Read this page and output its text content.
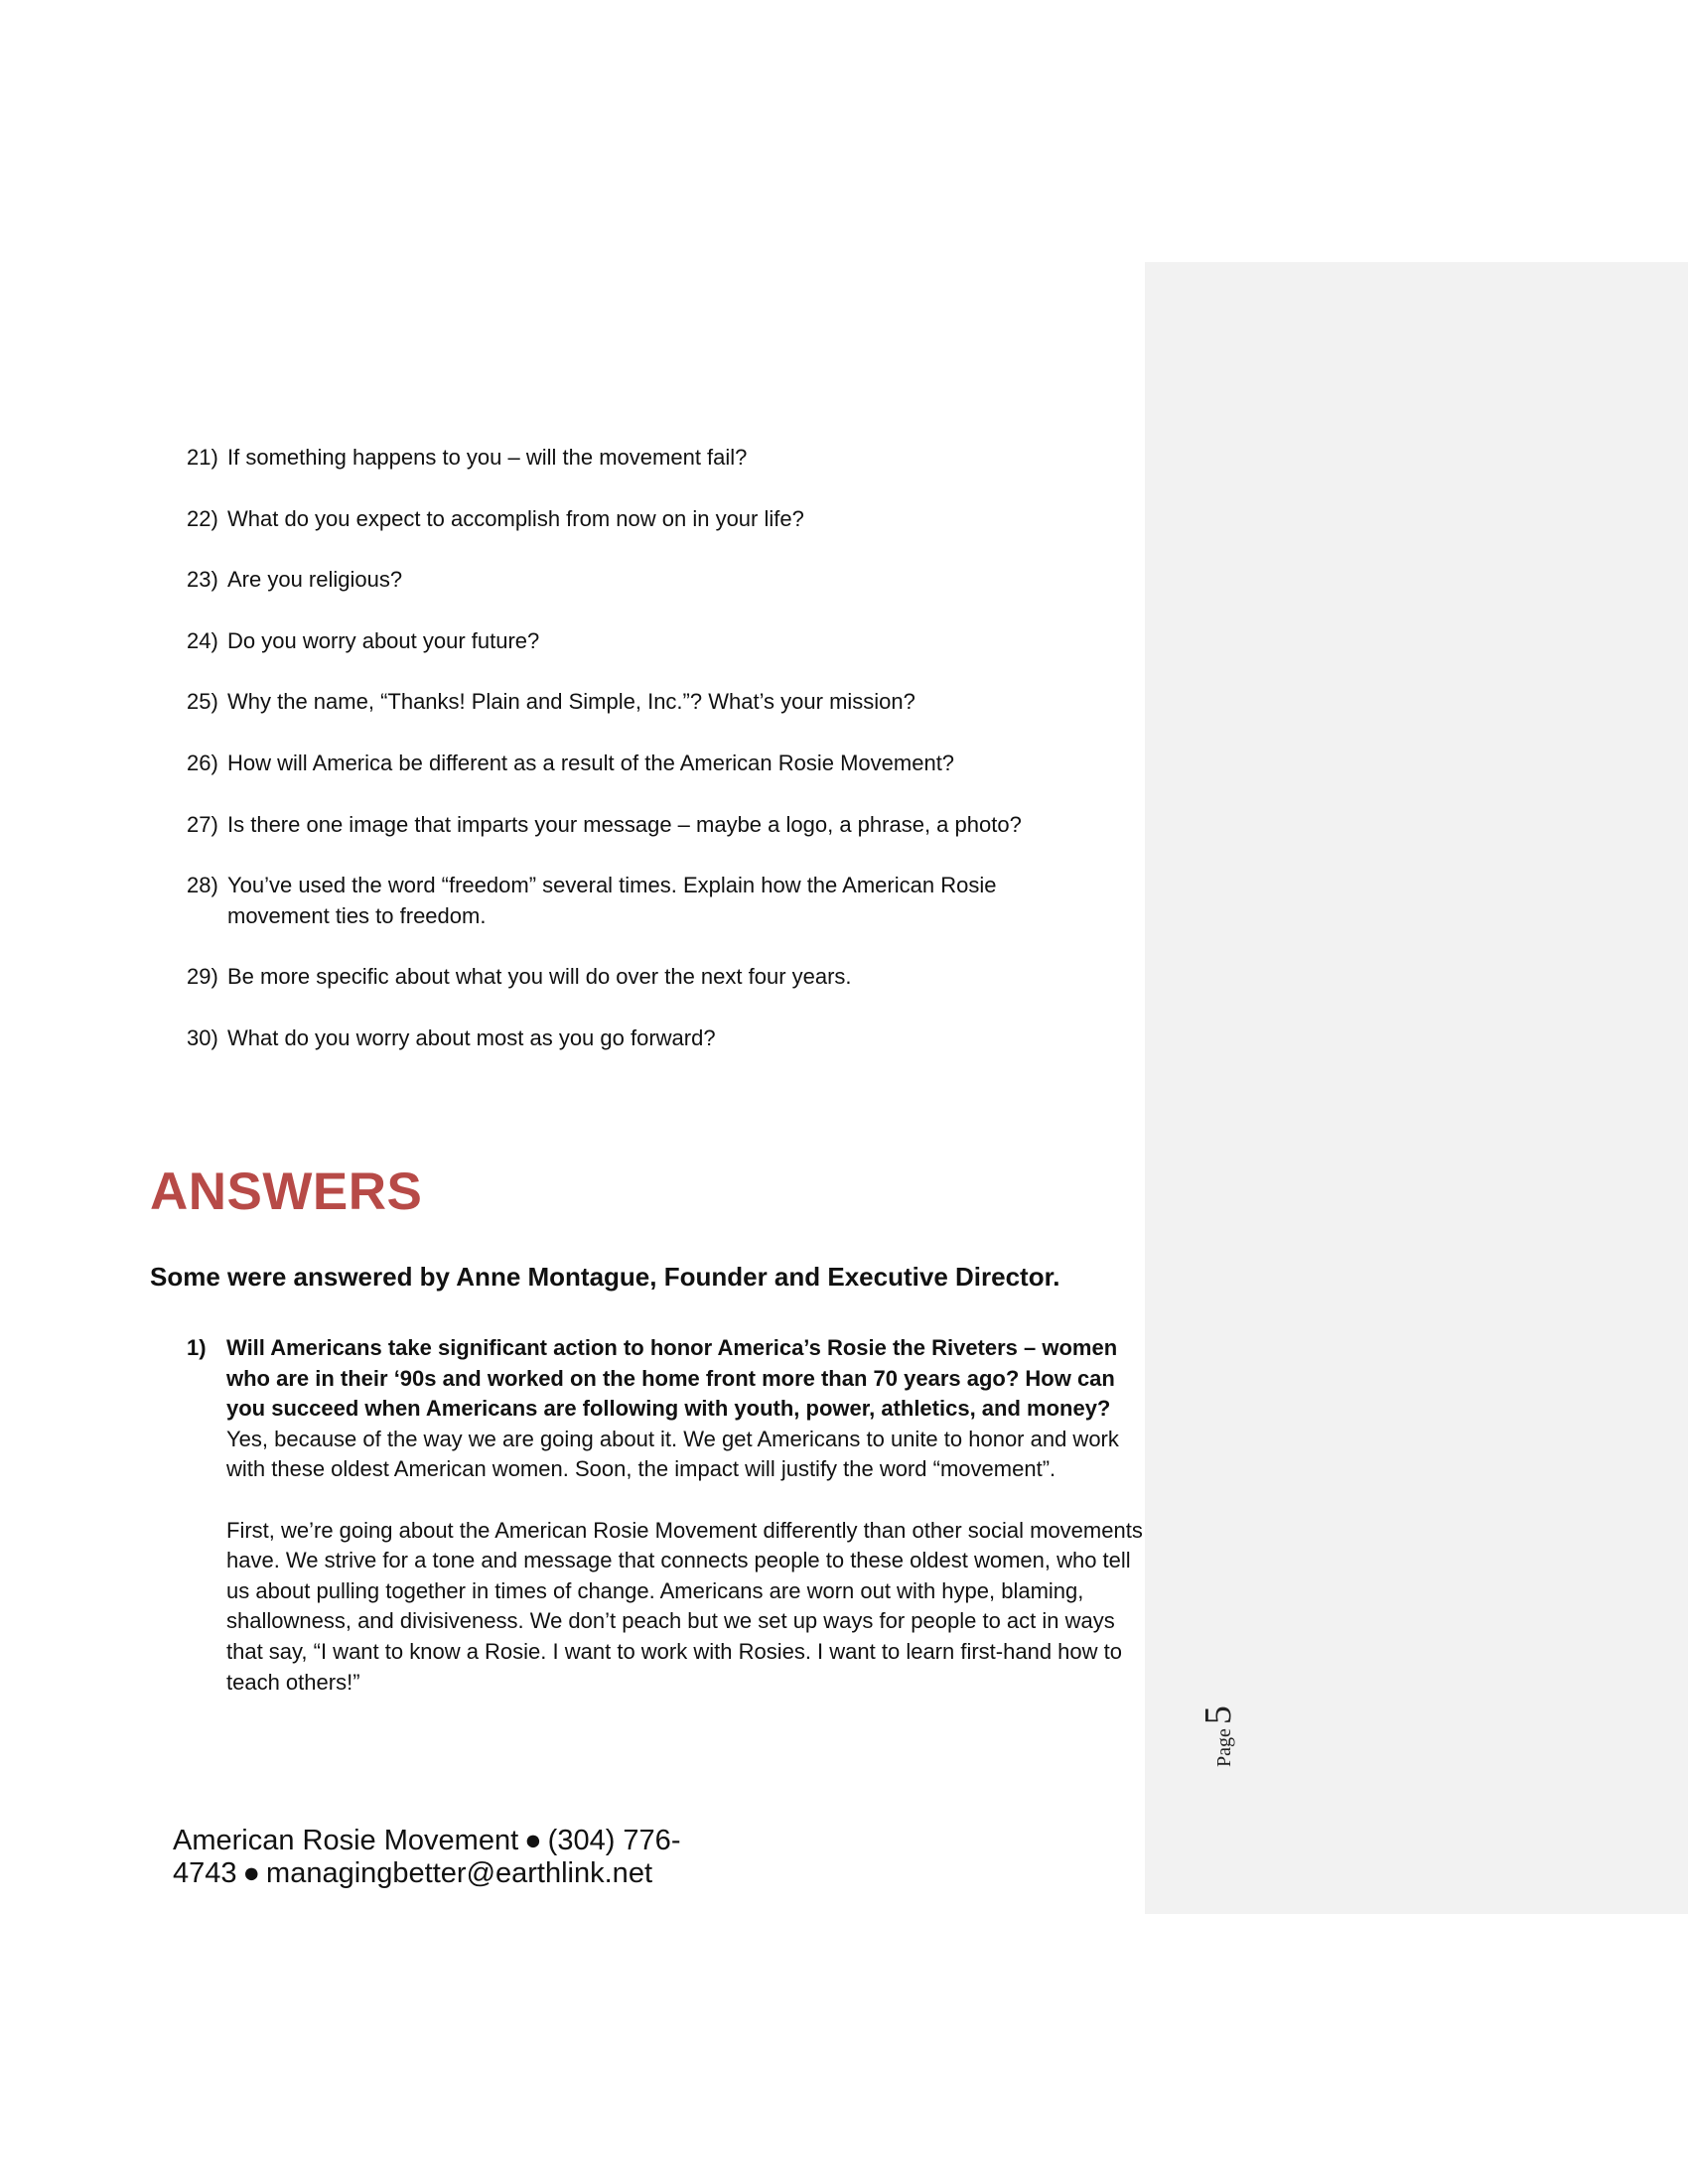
Page
5
21) If something happens to you – will the movement fail?
22) What do you expect to accomplish from now on in your life?
23) Are you religious?
24) Do you worry about your future?
25) Why the name, “Thanks! Plain and Simple, Inc.”? What’s your mission?
26) How will America be different as a result of the American Rosie Movement?
27) Is there one image that imparts your message – maybe a logo, a phrase, a photo?
28) You’ve used the word “freedom” several times. Explain how the American Rosie movement ties to freedom.
29) Be more specific about what you will do over the next four years.
30) What do you worry about most as you go forward?
ANSWERS
Some were answered by Anne Montague, Founder and Executive Director.
1) Will Americans take significant action to honor America’s Rosie the Riveters – women who are in their ‘90s and worked on the home front more than 70 years ago? How can you succeed when Americans are following with youth, power, athletics, and money?

Yes, because of the way we are going about it. We get Americans to unite to honor and work with these oldest American women. Soon, the impact will justify the word “movement”.

First, we’re going about the American Rosie Movement differently than other social movements have. We strive for a tone and message that connects people to these oldest women, who tell us about pulling together in times of change. Americans are worn out with hype, blaming, shallowness, and divisiveness. We don’t peach but we set up ways for people to act in ways that say, “I want to know a Rosie. I want to work with Rosies. I want to learn first-hand how to teach others!”

American Rosie Movement ● (304) 776-4743 ● managingbetter@earthlink.net
